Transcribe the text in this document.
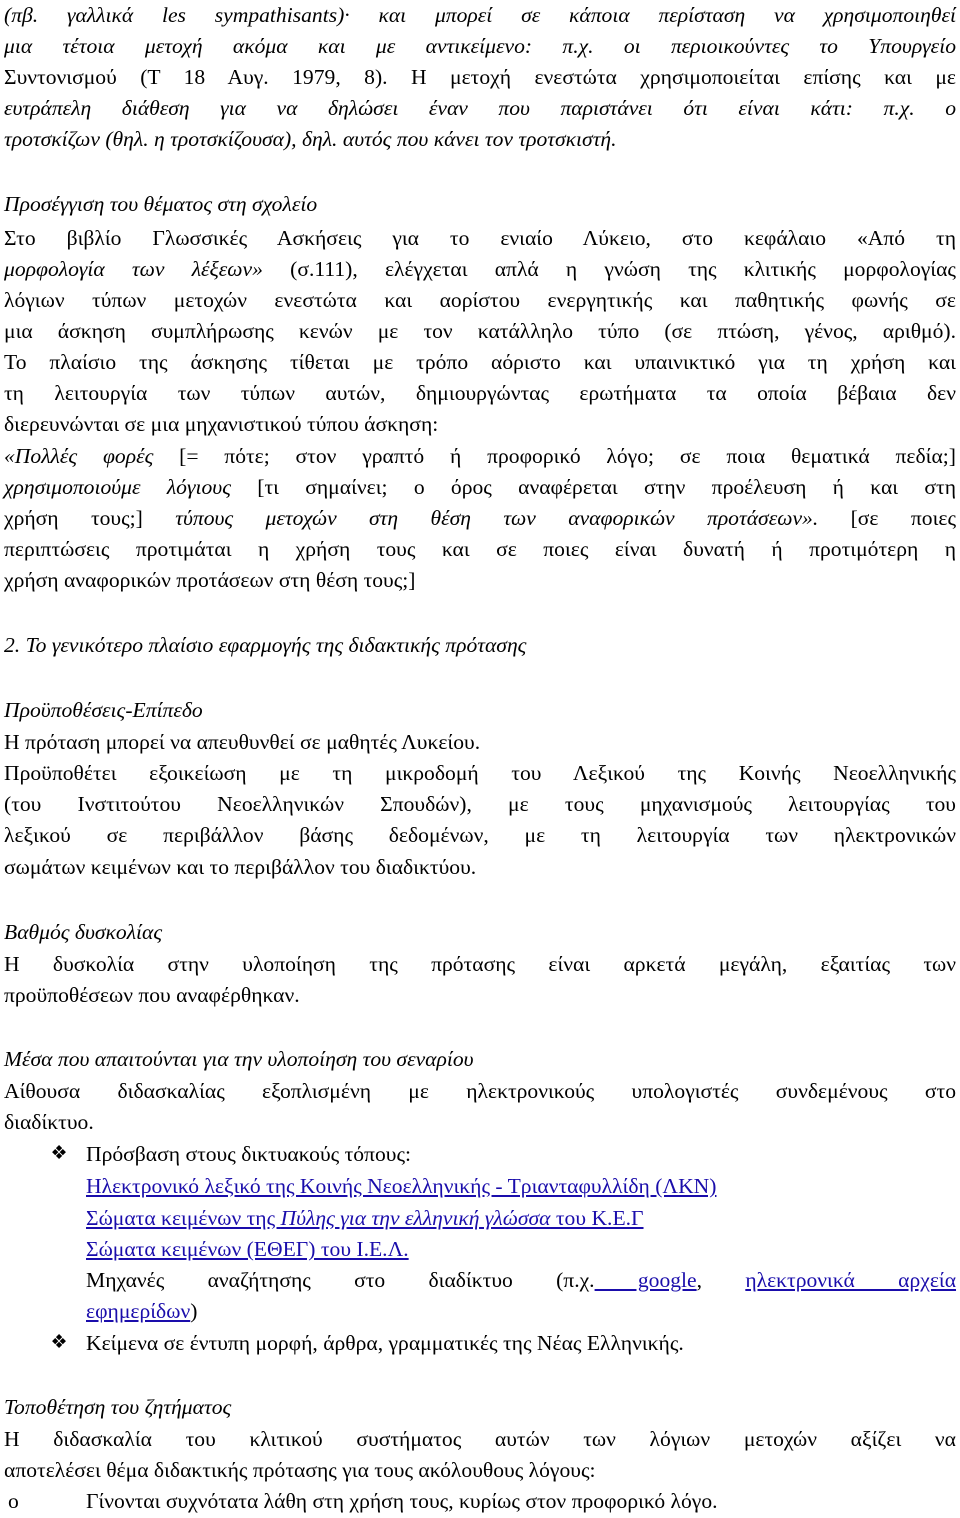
(πβ. γαλλικά les sympathisants)· και μπορεί σε κάποια περίσταση να χρησιμοποιηθεί
μια τέτοια μετοχή ακόμα και με αντικείμενο: π.χ. οι περιοικούντες το Υπουργείο
Συντονισμού (Τ 18 Αυγ. 1979, 8). Η μετοχή ενεστώτα χρησιμοποιείται επίσης και με
ευτράπελη διάθεση για να δηλώσει έναν που παριστάνει ότι είναι κάτι: π.χ. ο
τροτσκίζων (θηλ. η τροτσκίζουσα), δηλ. αυτός που κάνει τον τροτσκιστή.
Προσέγγιση του θέματος στη σχολείο
Στο βιβλίο Γλωσσικές Ασκήσεις για το ενιαίο Λύκειο, στο κεφάλαιο «Από τη
μορφολογία των λέξεων» (σ.111), ελέγχεται απλά η γνώση της κλιτικής μορφολογίας
λόγιων τύπων μετοχών ενεστώτα και αορίστου ενεργητικής και παθητικής φωνής σε
μια άσκηση συμπλήρωσης κενών με τον κατάλληλο τύπο (σε πτώση, γένος, αριθμό).
Το πλαίσιο της άσκησης τίθεται με τρόπο αόριστο και υπαινικτικό για τη χρήση και
τη λειτουργία των τύπων αυτών, δημιουργώντας ερωτήματα τα οποία βέβαια δεν
διερευνώνται σε μια μηχανιστικού τύπου άσκηση:
«Πολλές φορές [= πότε; στον γραπτό ή προφορικό λόγο; σε ποια θεματικά πεδία;]
χρησιμοποιούμε λόγιους [τι σημαίνει; ο όρος αναφέρεται στην προέλευση ή και στη
χρήση τους;] τύπους μετοχών στη θέση των αναφορικών προτάσεων». [σε ποιες
περιπτώσεις προτιμάται η χρήση τους και σε ποιες είναι δυνατή ή προτιμότερη η
χρήση αναφορικών προτάσεων στη θέση τους;]
2. Το γενικότερο πλαίσιο εφαρμογής της διδακτικής πρότασης
Προϋποθέσεις-Επίπεδο
Η πρόταση μπορεί να απευθυνθεί σε μαθητές Λυκείου.
Προϋποθέτει εξοικείωση με τη μικροδομή του Λεξικού της Κοινής Νεοελληνικής
(του Ινστιτούτου Νεοελληνικών Σπουδών), με τους μηχανισμούς λειτουργίας του
λεξικού σε περιβάλλον βάσης δεδομένων, με τη λειτουργία των ηλεκτρονικών
σωμάτων κειμένων και το περιβάλλον του διαδικτύου.
Βαθμός δυσκολίας
Η δυσκολία στην υλοποίηση της πρότασης είναι αρκετά μεγάλη, εξαιτίας των
προϋποθέσεων που αναφέρθηκαν.
Μέσα που απαιτούνται για την υλοποίηση του σεναρίου
Αίθουσα διδασκαλίας εξοπλισμένη με ηλεκτρονικούς υπολογιστές συνδεμένους στο
διαδίκτυο.
❖ Πρόσβαση στους δικτυακούς τόπους:
Ηλεκτρονικό λεξικό της Κοινής Νεοελληνικής - Τριανταφυλλίδη (ΛΚΝ)
Σώματα κειμένων της Πύλης για την ελληνική γλώσσα του Κ.Ε.Γ
Σώματα κειμένων (ΕΘΕΓ) του Ι.Ε.Λ.
Μηχανές αναζήτησης στο διαδίκτυο (π.χ. google, ηλεκτρονικά αρχεία
εφημερίδων)
❖ Κείμενα σε έντυπη μορφή, άρθρα, γραμματικές της Νέας Ελληνικής.
Τοποθέτηση του ζητήματος
Η διδασκαλία του κλιτικού συστήματος αυτών των λόγιων μετοχών αξίζει να
αποτελέσει θέμα διδακτικής πρότασης για τους ακόλουθους λόγους:
o	Γίνονται συχνότατα λάθη στη χρήση τους, κυρίως στον προφορικό λόγο.
